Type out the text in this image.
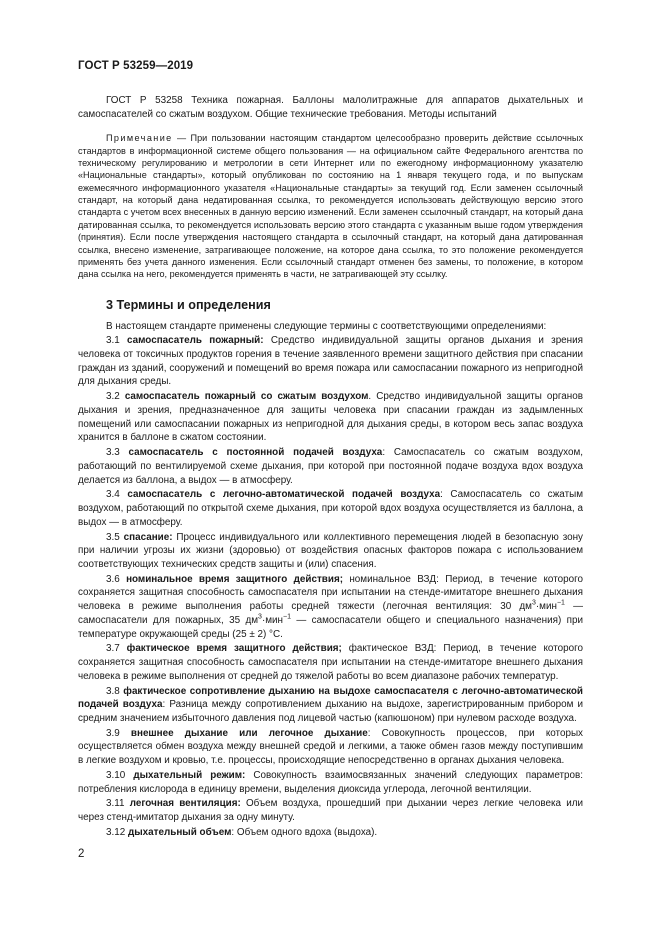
ГОСТ Р 53259—2019

ГОСТ Р 53258 Техника пожарная. Баллоны малолитражные для аппаратов дыхательных и самоспасателей со сжатым воздухом. Общие технические требования. Методы испытаний

Примечание — При пользовании настоящим стандартом целесообразно проверить действие ссылочных стандартов в информационной системе общего пользования — на официальном сайте Федерального агентства по техническому регулированию и метрологии в сети Интернет или по ежегодному информационному указателю «Национальные стандарты», который опубликован по состоянию на 1 января текущего года, и по выпускам ежемесячного информационного указателя «Национальные стандарты» за текущий год. Если заменен ссылочный стандарт, на который дана недатированная ссылка, то рекомендуется использовать действующую версию этого стандарта с учетом всех внесенных в данную версию изменений. Если заменен ссылочный стандарт, на который дана датированная ссылка, то рекомендуется использовать версию этого стандарта с указанным выше годом утверждения (принятия). Если после утверждения настоящего стандарта в ссылочный стандарт, на который дана датированная ссылка, внесено изменение, затрагивающее положение, на которое дана ссылка, то это положение рекомендуется применять без учета данного изменения. Если ссылочный стандарт отменен без замены, то положение, в котором дана ссылка на него, рекомендуется применять в части, не затрагивающей эту ссылку.

3 Термины и определения

В настоящем стандарте применены следующие термины с соответствующими определениями:

3.1 самоспасатель пожарный: Средство индивидуальной защиты органов дыхания и зрения человека от токсичных продуктов горения в течение заявленного времени защитного действия при спасании граждан из зданий, сооружений и помещений во время пожара или самоспасании пожарного из непригодной для дыхания среды.

3.2 самоспасатель пожарный со сжатым воздухом. Средство индивидуальной защиты органов дыхания и зрения, предназначенное для защиты человека при спасании граждан из задымленных помещений или самоспасании пожарных из непригодной для дыхания среды, в котором весь запас воздуха хранится в баллоне в сжатом состоянии.

3.3 самоспасатель с постоянной подачей воздуха: Самоспасатель со сжатым воздухом, работающий по вентилируемой схеме дыхания, при которой при постоянной подаче воздуха вдох воздуха делается из баллона, а выдох — в атмосферу.

3.4 самоспасатель с легочно-автоматической подачей воздуха: Самоспасатель со сжатым воздухом, работающий по открытой схеме дыхания, при которой вдох воздуха осуществляется из баллона, а выдох — в атмосферу.

3.5 спасание: Процесс индивидуального или коллективного перемещения людей в безопасную зону при наличии угрозы их жизни (здоровью) от воздействия опасных факторов пожара с использованием соответствующих технических средств защиты и (или) спасения.

3.6 номинальное время защитного действия; номинальное ВЗД: Период, в течение которого сохраняется защитная способность самоспасателя при испытании на стенде-имитаторе внешнего дыхания человека в режиме выполнения работы средней тяжести (легочная вентиляция: 30 $дм^3\cdot мин^{-1}$ — самоспасатели для пожарных, 35 $дм^3\cdot мин^{-1}$ — самоспасатели общего и специального назначения) при температуре окружающей среды (25 ± 2) °С.

3.7 фактическое время защитного действия; фактическое ВЗД: Период, в течение которого сохраняется защитная способность самоспасателя при испытании на стенде-имитаторе внешнего дыхания человека в режиме выполнения от средней до тяжелой работы во всем диапазоне рабочих температур.

3.8 фактическое сопротивление дыханию на выдохе самоспасателя с легочно-автоматической подачей воздуха: Разница между сопротивлением дыханию на выдохе, зарегистрированным прибором и средним значением избыточного давления под лицевой частью (капюшоном) при нулевом расходе воздуха.

3.9 внешнее дыхание или легочное дыхание: Совокупность процессов, при которых осуществляется обмен воздуха между внешней средой и легкими, а также обмен газов между поступившим в легкие воздухом и кровью, т.е. процессы, происходящие непосредственно в органах дыхания человека.

3.10 дыхательный режим: Совокупность взаимосвязанных значений следующих параметров: потребления кислорода в единицу времени, выделения диоксида углерода, легочной вентиляции.

3.11 легочная вентиляция: Объем воздуха, прошедший при дыхании через легкие человека или через стенд-имитатор дыхания за одну минуту.

3.12 дыхательный объем: Объем одного вдоха (выдоха).

2
